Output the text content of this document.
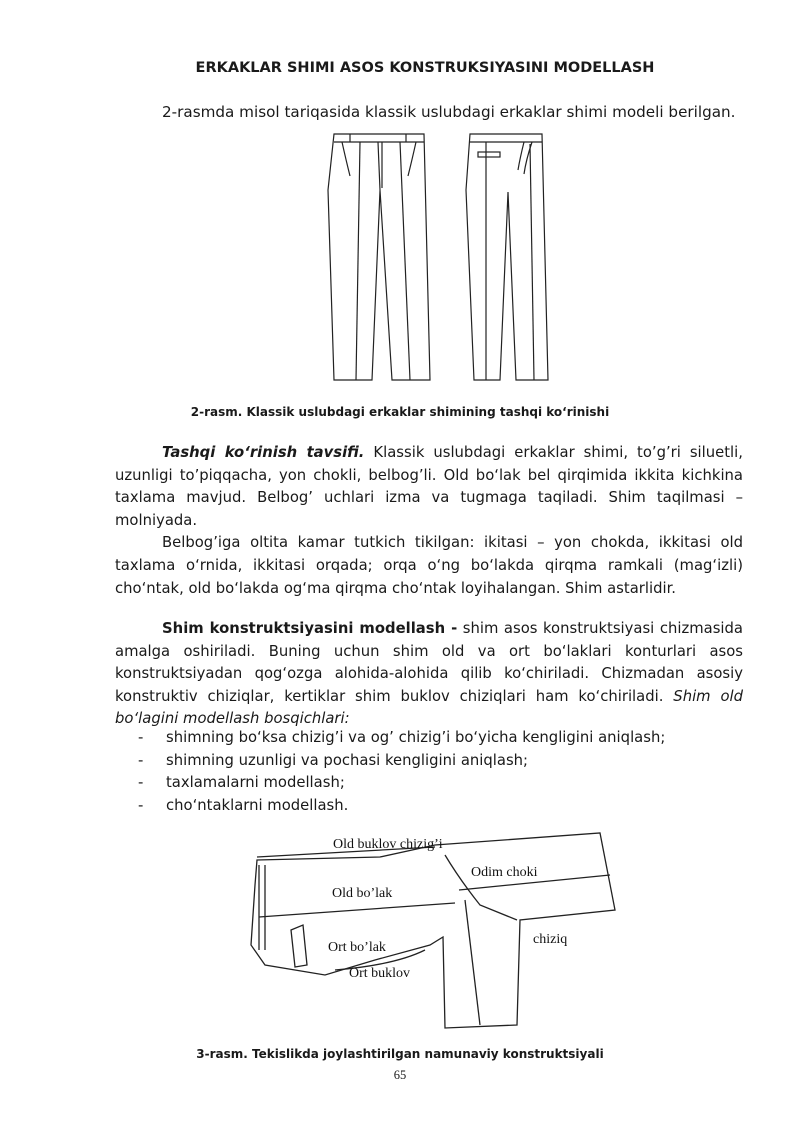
ERKAKLAR SHIMI ASOS KONSTRUKSIYASINI MODELLASH
2-rasmda misol tariqasida klassik uslubdagi erkaklar shimi modeli berilgan.
2-rasm. Klassik uslubdagi erkaklar shimining tashqi ko‘rinishi

Tashqi ko‘rinish tavsifi. Klassik uslubdagi erkaklar shimi, to’g’ri siluetli, uzunligi to’piqqacha, yon chokli, belbog’li. Old bo‘lak bel qirqimida ikkita kichkina taxlama mavjud. Belbog’ uchlari izma va tugmaga taqiladi. Shim taqilmasi – molniyada.

Belbog’iga oltita kamar tutkich tikilgan: ikitasi – yon chokda, ikkitasi old taxlama o‘rnida, ikkitasi orqada; orqa o‘ng bo‘lakda qirqma ramkali (mag‘izli) cho‘ntak, old bo‘lakda og‘ma qirqma cho‘ntak loyihalangan. Shim astarlidir.

Shim konstruktsiyasini modellash - shim asos konstruktsiyasi chizmasida amalga oshiriladi. Buning uchun shim old va ort bo‘laklari konturlari asos konstruktsiyadan qog‘ozga alohida-alohida qilib ko‘chiriladi. Chizmadan asosiy konstruktiv chiziqlar, kertiklar shim buklov chiziqlari ham ko‘chiriladi. Shim old bo‘lagini modellash bosqichlari:

-	shimning bo‘ksa chizig’i va og’ chizig’i bo‘yicha kengligini aniqlash;
-	shimning uzunligi va pochasi kengligini aniqlash;
-	taxlamalarni modellash;
-	cho‘ntaklarni modellash.
Old buklov chizig’i
Odim choki
Old bo’lak
chiziq
Ort bo’lak
Ort buklov
3-rasm. Tekislikda joylashtirilgan namunaviy konstruktsiyali
65
